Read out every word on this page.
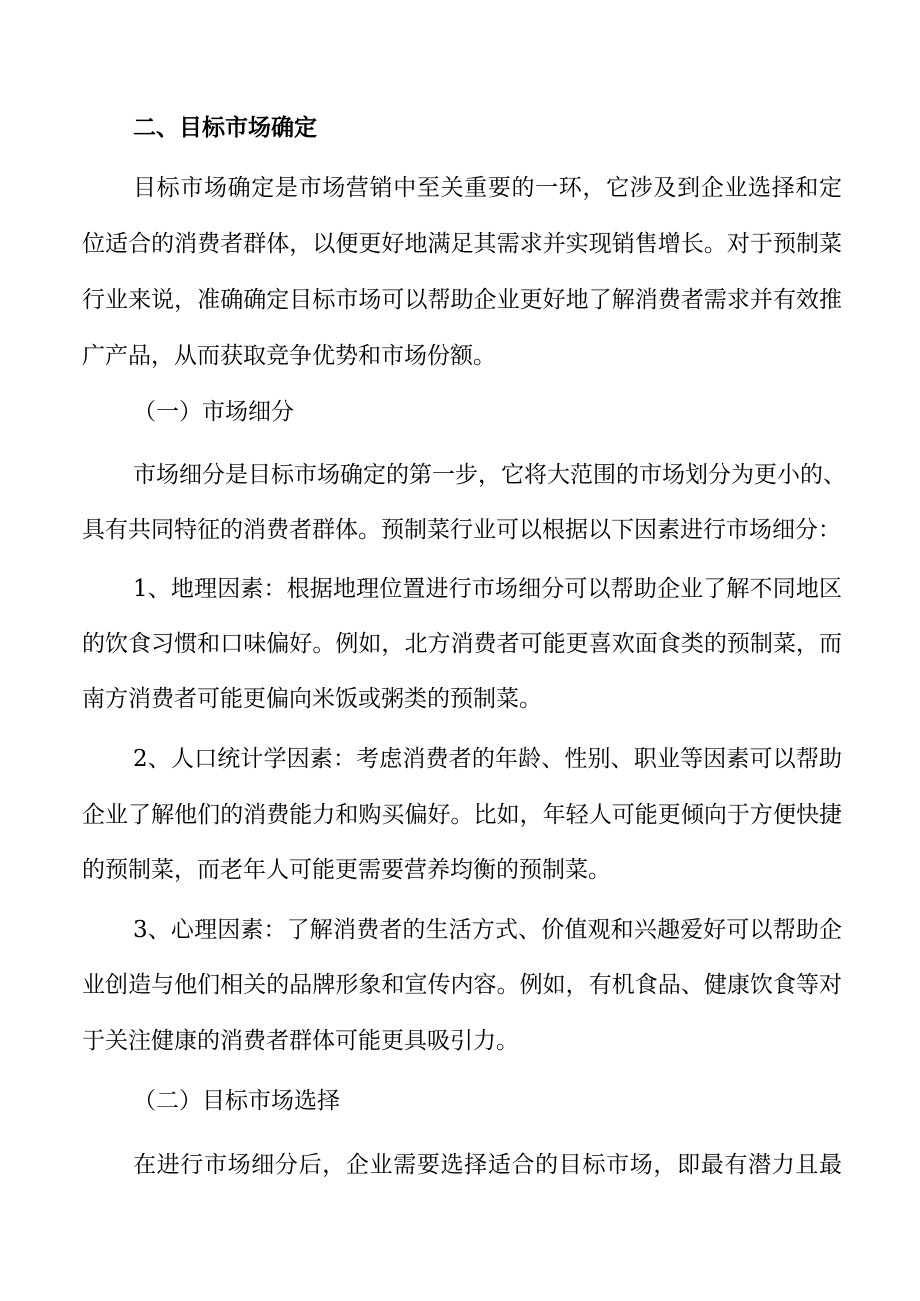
二、目标市场确定
目标市场确定是市场营销中至关重要的一环，它涉及到企业选择和定
位适合的消费者群体，以便更好地满足其需求并实现销售增长。对于预制菜
行业来说，准确确定目标市场可以帮助企业更好地了解消费者需求并有效推
广产品，从而获取竞争优势和市场份额。
（一）市场细分
市场细分是目标市场确定的第一步，它将大范围的市场划分为更小的、
具有共同特征的消费者群体。预制菜行业可以根据以下因素进行市场细分：
1、地理因素：根据地理位置进行市场细分可以帮助企业了解不同地区
的饮食习惯和口味偏好。例如，北方消费者可能更喜欢面食类的预制菜，而
南方消费者可能更偏向米饭或粥类的预制菜。
2、人口统计学因素：考虑消费者的年龄、性别、职业等因素可以帮助
企业了解他们的消费能力和购买偏好。比如，年轻人可能更倾向于方便快捷
的预制菜，而老年人可能更需要营养均衡的预制菜。
3、心理因素：了解消费者的生活方式、价值观和兴趣爱好可以帮助企
业创造与他们相关的品牌形象和宣传内容。例如，有机食品、健康饮食等对
于关注健康的消费者群体可能更具吸引力。
（二）目标市场选择
在进行市场细分后，企业需要选择适合的目标市场，即最有潜力且最
